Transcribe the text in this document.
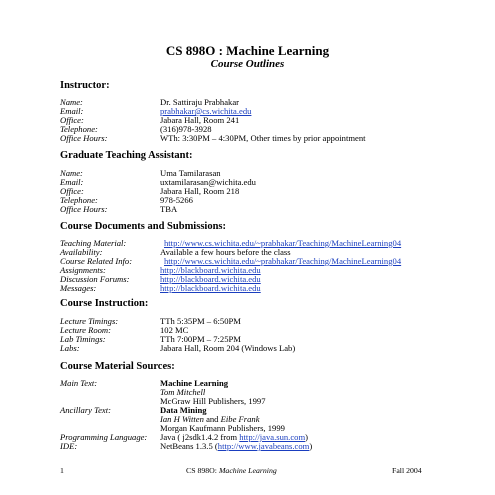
CS 898O : Machine Learning
Course Outlines
Instructor:
Name:	Dr. Sattiraju Prabhakar
Email:	prabhakar@cs.wichita.edu
Office:	Jabara Hall, Room 241
Telephone:	(316)978-3928
Office Hours:	WTh: 3:30PM – 4:30PM, Other times by prior appointment
Graduate Teaching Assistant:
Name:	Uma Tamilarasan
Email:	uxtamilarasan@wichita.edu
Office:	Jabara Hall, Room 218
Telephone:	978-5266
Office Hours:	TBA
Course Documents and Submissions:
Teaching Material:	http://www.cs.wichita.edu/~prabhakar/Teaching/MachineLearning04
Availability:	Available a few hours before the class
Course Related Info:	http://www.cs.wichita.edu/~prabhakar/Teaching/MachineLearning04
Assignments:	http://blackboard.wichita.edu
Discussion Forums:	http://blackboard.wichita.edu
Messages:	http://blackboard.wichita.edu
Course Instruction:
Lecture Timings:	TTh 5:35PM – 6:50PM
Lecture Room:	102 MC
Lab Timings:	TTh 7:00PM – 7:25PM
Labs:	Jabara Hall, Room 204 (Windows Lab)
Course Material Sources:
Main Text:	Machine Learning
Tom Mitchell
McGraw Hill Publishers, 1997
Ancillary Text:	Data Mining
Ian H Witten and Eibe Frank
Morgan Kaufmann Publishers, 1999
Programming Language: Java ( j2sdk1.4.2 from http://java.sun.com)
IDE:	NetBeans 1.3.5 (http://www.javabeans.com)
1	CS 898O: Machine Learning	Fall 2004
